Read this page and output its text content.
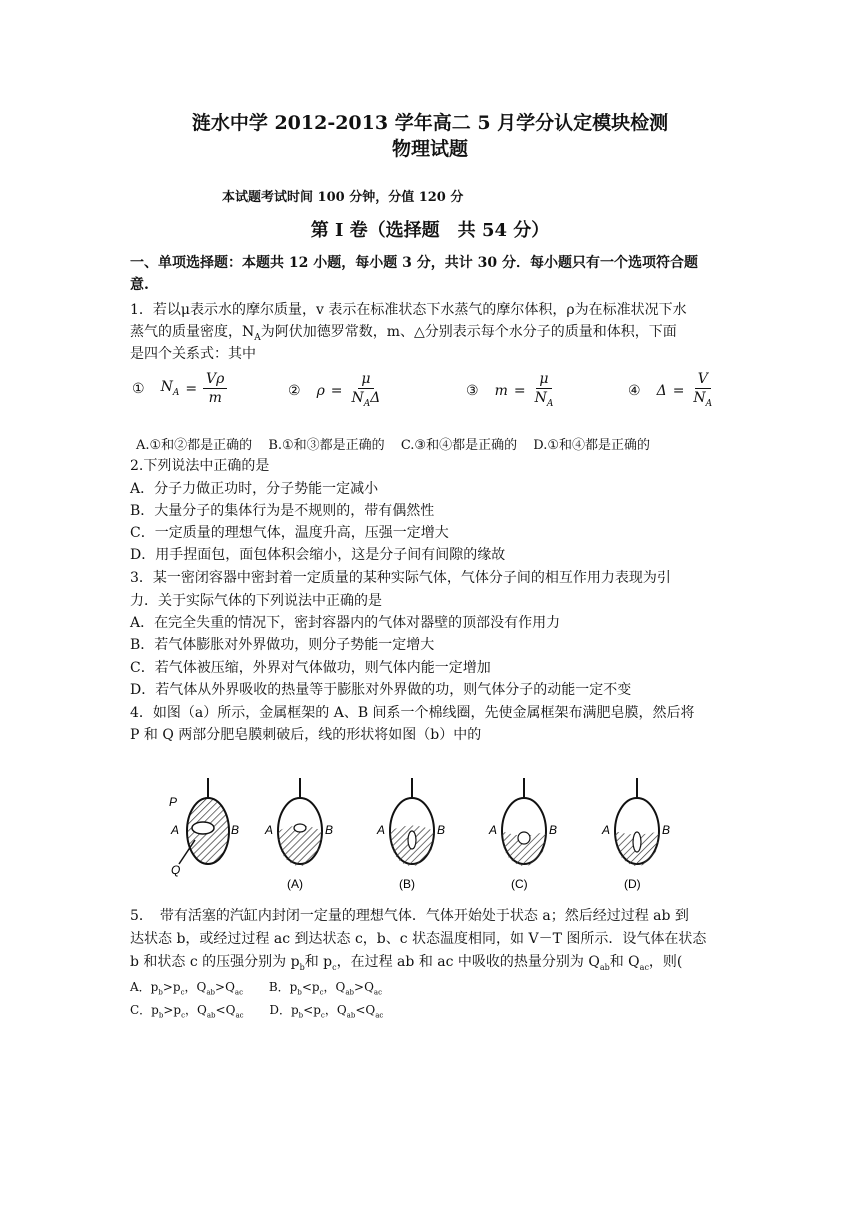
涟水中学 2012-2013 学年高二 5 月学分认定模块检测
物理试题
本试题考试时间 100 分钟，分值 120 分
第 I 卷（选择题　共 54 分）
一、单项选择题：本题共 12 小题，每小题 3 分，共计 30 分．每小题只有一个选项符合题
意.
1．若以μ表示水的摩尔质量，v 表示在标准状态下水蒸气的摩尔体积，ρ为在标准状况下水
蒸气的质量密度，$N_A$为阿伏加德罗常数，m、△分别表示每个水分子的质量和体积，下面
是四个关系式：其中
① $N_A = \frac{V\rho}{m}$	② $\rho = \frac{\mu}{N_A\Delta}$	③ $m = \frac{\mu}{N_A}$	④ $\Delta = \frac{V}{N_A}$
A.①和②都是正确的 B.①和③都是正确的 C.③和④都是正确的 D.①和④都是正确的
2.下列说法中正确的是
A．分子力做正功时，分子势能一定减小
B．大量分子的集体行为是不规则的，带有偶然性
C．一定质量的理想气体，温度升高，压强一定增大
D．用手捏面包，面包体积会缩小，这是分子间有间隙的缘故
3．某一密闭容器中密封着一定质量的某种实际气体，气体分子间的相互作用力表现为引
力．关于实际气体的下列说法中正确的是
A．在完全失重的情况下，密封容器内的气体对器壁的顶部没有作用力
B．若气体膨胀对外界做功，则分子势能一定增大
C．若气体被压缩，外界对气体做功，则气体内能一定增加
D．若气体从外界吸收的热量等于膨胀对外界做的功，则气体分子的动能一定不变
4．如图（a）所示，金属框架的 A、B 间系一个棉线圈，先使金属框架布满肥皂膜，然后将
P 和 Q 两部分肥皂膜刺破后，线的形状将如图（b）中的
P
A	B
Q
A	B
(A)
A	B
(B)
A	B
(C)
A	B
(D)
5．　带有活塞的汽缸内封闭一定量的理想气体．气体开始处于状态 a；然后经过过程 ab 到
达状态 b，或经过过程 ac 到达状态 c，b、c 状态温度相同，如 V－T 图所示．设气体在状态
b 和状态 c 的压强分别为 $p_b$和 $p_c$，在过程 ab 和 ac 中吸收的热量分别为 $Q_{ab}$和 $Q_{ac}$，则(
A．$p_b>p_c$，$Q_{ab}>Q_{ac}$ B．$p_b<p_c$，$Q_{ab}>Q_{ac}$
C．$p_b>p_c$，$Q_{ab}<Q_{ac}$ D．$p_b<p_c$，$Q_{ab}<Q_{ac}$
